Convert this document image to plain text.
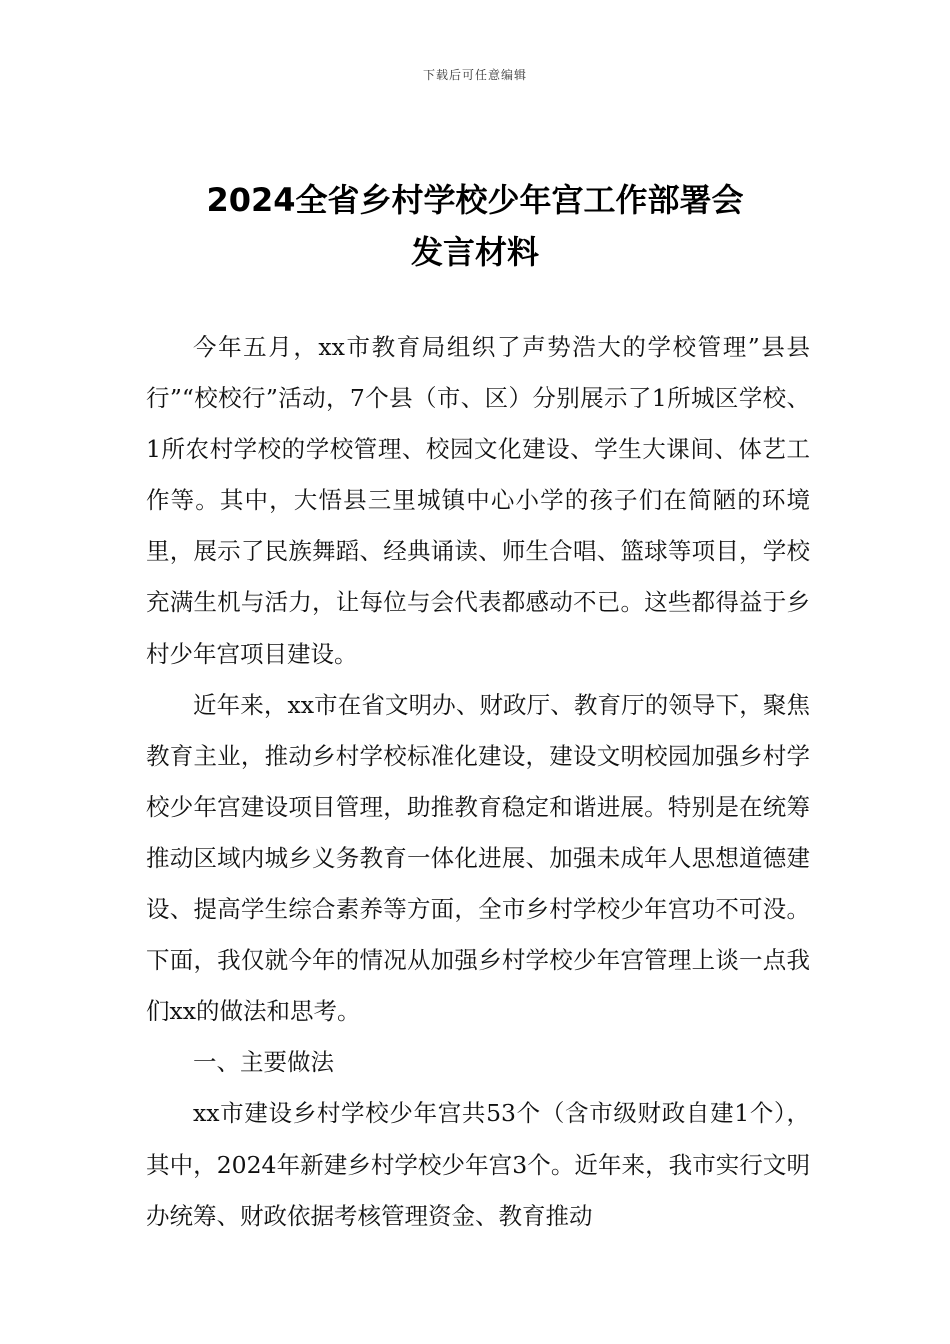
下载后可任意编辑
2024全省乡村学校少年宫工作部署会
发言材料

今年五月，xx市教育局组织了声势浩大的学校管理”县县行”“校校行”活动，7个县（市、区）分别展示了1所城区学校、1所农村学校的学校管理、校园文化建设、学生大课间、体艺工作等。其中，大悟县三里城镇中心小学的孩子们在简陋的环境里，展示了民族舞蹈、经典诵读、师生合唱、篮球等项目，学校充满生机与活力，让每位与会代表都感动不已。这些都得益于乡村少年宫项目建设。

近年来，xx市在省文明办、财政厅、教育厅的领导下，聚焦教育主业，推动乡村学校标准化建设，建设文明校园加强乡村学校少年宫建设项目管理，助推教育稳定和谐进展。特别是在统筹推动区域内城乡义务教育一体化进展、加强未成年人思想道德建设、提高学生综合素养等方面，全市乡村学校少年宫功不可没。下面，我仅就今年的情况从加强乡村学校少年宫管理上谈一点我们xx的做法和思考。

一、主要做法

xx市建设乡村学校少年宫共53个（含市级财政自建1个），其中，2024年新建乡村学校少年宫3个。近年来，我市实行文明办统筹、财政依据考核管理资金、教育推动
